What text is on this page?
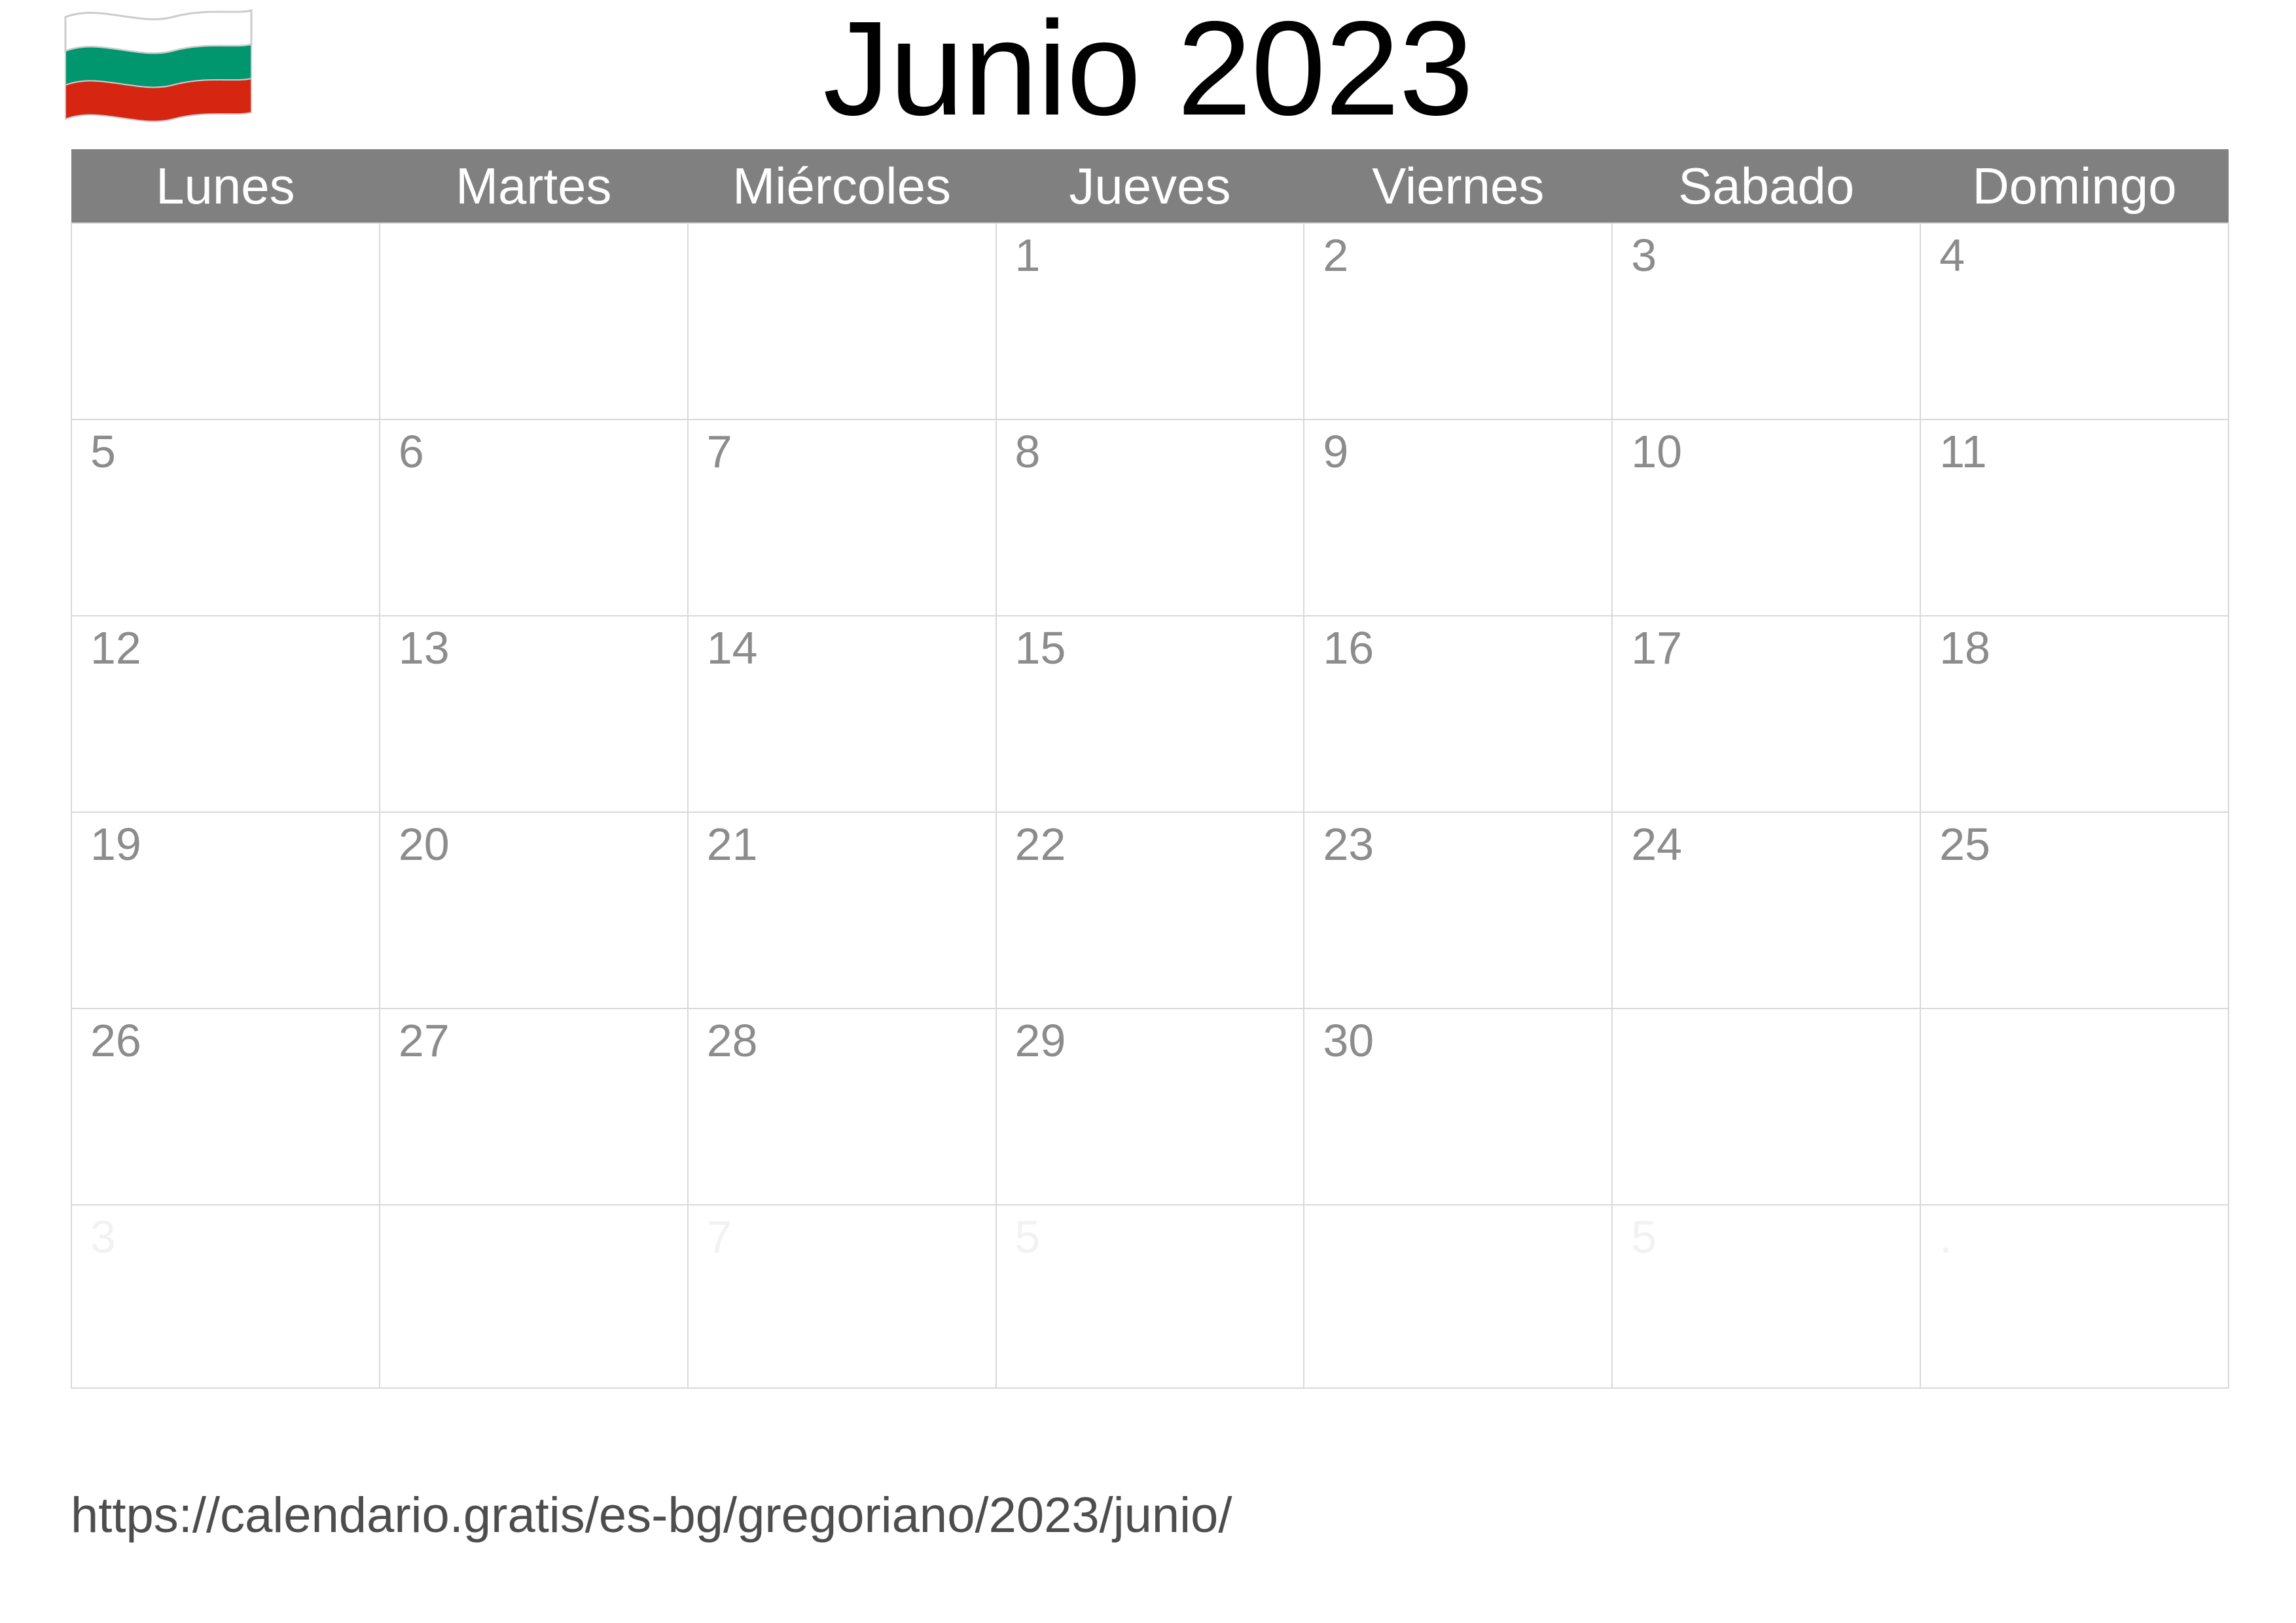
Junio 2023
Lunes	Martes	Miércoles	Jueves	Viernes	Sabado	Domingo
			1	2	3	4
5	6	7	8	9	10	11
12	13	14	15	16	17	18
19	20	21	22	23	24	25
26	27	28	29	30		
3		7	5		5	.
https://calendario.gratis/es-bg/gregoriano/2023/junio/
